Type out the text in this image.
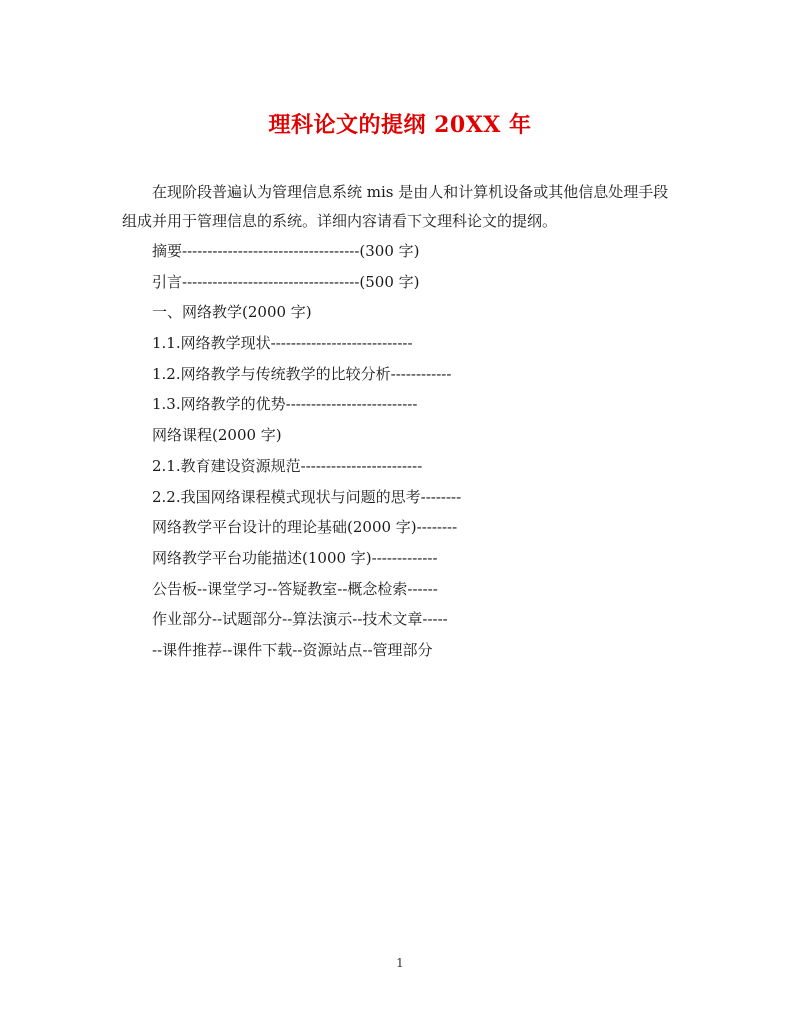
理科论文的提纲 20XX 年

在现阶段普遍认为管理信息系统 mis 是由人和计算机设备或其他信息处理手段组成并用于管理信息的系统。详细内容请看下文理科论文的提纲。

摘要-----------------------------------(300 字)
引言-----------------------------------(500 字)
一、网络教学(2000 字)
1.1.网络教学现状----------------------------
1.2.网络教学与传统教学的比较分析------------
1.3.网络教学的优势--------------------------
网络课程(2000 字)
2.1.教育建设资源规范------------------------
2.2.我国网络课程模式现状与问题的思考--------
网络教学平台设计的理论基础(2000 字)--------
网络教学平台功能描述(1000 字)-------------
公告板--课堂学习--答疑教室--概念检索------
作业部分--试题部分--算法演示--技术文章-----
--课件推荐--课件下载--资源站点--管理部分
1
